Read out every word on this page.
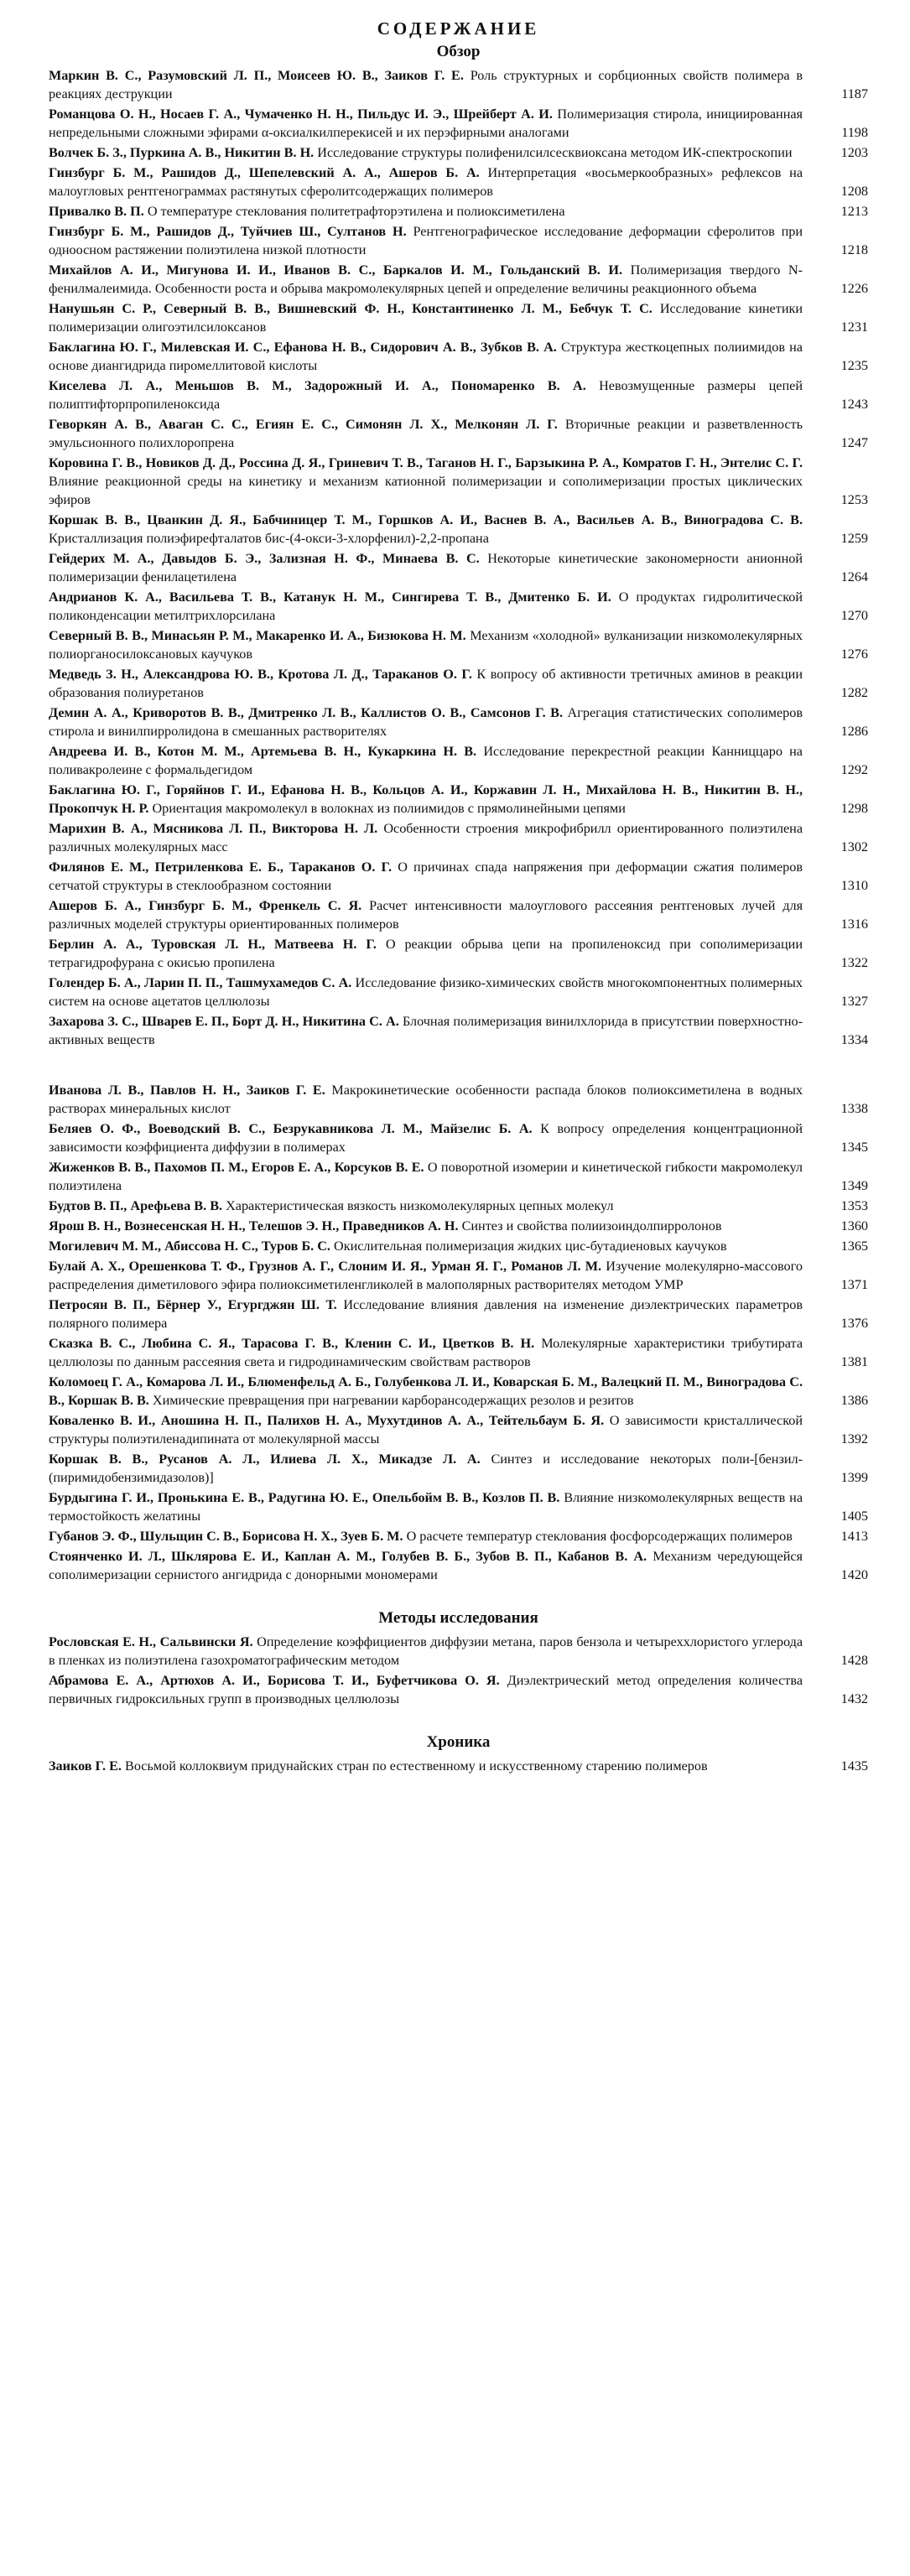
СОДЕРЖАНИЕ
Обзор
Маркин В. С., Разумовский Л. П., Моисеев Ю. В., Заиков Г. Е. Роль структурных и сорбционных свойств полимера в реакциях деструкции	1187
Романцова О. Н., Носаев Г. А., Чумаченко Н. Н., Пильдус И. Э., Шрейберт А. И. Полимеризация стирола, инициированная непредельными сложными эфирами α-оксиалкилперекисей и их перэфирными аналогами	1198
Волчек Б. З., Пуркина А. В., Никитин В. Н. Исследование структуры полифенилсилсесквиоксана методом ИК-спектроскопии	1203
Гинзбург Б. М., Рашидов Д., Шепелевский А. А., Ашеров Б. А. Интерпретация «восьмеркообразных» рефлексов на малоугловых рентгенограммах растянутых сферолитсодержащих полимеров	1208
Привалко В. П. О температуре стеклования политетрафторэтилена и полиоксиметилена	1213
Гинзбург Б. М., Рашидов Д., Туйчиев Ш., Султанов Н. Рентгенографическое исследование деформации сферолитов при одноосном растяжении полиэтилена низкой плотности	1218
Михайлов А. И., Мигунова И. И., Иванов В. С., Баркалов И. М., Гольданский В. И. Полимеризация твердого N-фенилмалеимида. Особенности роста и обрыва макромолекулярных цепей и определение величины реакционного объема	1226
Нанушьян С. Р., Северный В. В., Вишневский Ф. Н., Константиненко Л. М., Бебчук Т. С. Исследование кинетики полимеризации олигоэтилсилоксанов	1231
Баклагина Ю. Г., Милевская И. С., Ефанова Н. В., Сидорович А. В., Зубков В. А. Структура жесткоцепных полиимидов на основе диангидрида пиромеллитовой кислоты	1235
Киселева Л. А., Меньшов В. М., Задорожный И. А., Пономаренко В. А. Невозмущенные размеры цепей полиптифторпропиленоксида	1243
Геворкян А. В., Аваган С. С., Егиян Е. С., Симонян Л. Х., Мелконян Л. Г. Вторичные реакции и разветвленность эмульсионного полихлоропрена	1247
Коровина Г. В., Новиков Д. Д., Россина Д. Я., Гриневич Т. В., Таганов Н. Г., Барзыкина Р. А., Комратов Г. Н., Энтелис С. Г. Влияние реакционной среды на кинетику и механизм катионной полимеризации и сополимеризации простых циклических эфиров	1253
Коршак В. В., Цванкин Д. Я., Бабчиницер Т. М., Горшков А. И., Васнев В. А., Васильев А. В., Виноградова С. В. Кристаллизация полиэфирефталатов бис-(4-окси-3-хлорфенил)-2,2-пропана	1259
Гейдерих М. А., Давыдов Б. Э., Зализная Н. Ф., Минаева В. С. Некоторые кинетические закономерности анионной полимеризации фенилацетилена	1264
Андрианов К. А., Васильева Т. В., Катанук Н. М., Сингирева Т. В., Дмитенко Б. И. О продуктах гидролитической поликонденсации метилтрихлорсилана	1270
Северный В. В., Минасьян Р. М., Макаренко И. А., Бизюкова Н. М. Механизм «холодной» вулканизации низкомолекулярных полиорганосилоксановых каучуков	1276
Медведь З. Н., Александрова Ю. В., Кротова Л. Д., Тараканов О. Г. К вопросу об активности третичных аминов в реакции образования полиуретанов	1282
Демин А. А., Криворотов В. В., Дмитренко Л. В., Каллистов О. В., Самсонов Г. В. Агрегация статистических сополимеров стирола и винилпирролидона в смешанных растворителях	1286
Андреева И. В., Котон М. М., Артемьева В. Н., Кукаркина Н. В. Исследование перекрестной реакции Канниццаро на поливакролеине с формальдегидом	1292
Баклагина Ю. Г., Горяйнов Г. И., Ефанова Н. В., Кольцов А. И., Коржавин Л. Н., Михайлова Н. В., Никитин В. Н., Прокопчук Н. Р. Ориентация макромолекул в волокнах из полиимидов с прямолинейными цепями	1298
Марихин В. А., Мясникова Л. П., Викторова Н. Л. Особенности строения микрофибрилл ориентированного полиэтилена различных молекулярных масс	1302
Филянов Е. М., Петриленкова Е. Б., Тараканов О. Г. О причинах спада напряжения при деформации сжатия полимеров сетчатой структуры в стеклообразном состоянии	1310
Ашеров Б. А., Гинзбург Б. М., Френкель С. Я. Расчет интенсивности малоуглового рассеяния рентгеновых лучей для различных моделей структуры ориентированных полимеров	1316
Берлин А. А., Туровская Л. Н., Матвеева Н. Г. О реакции обрыва цепи на пропиленоксид при сополимеризации тетрагидрофурана с окисью пропилена	1322
Голендер Б. А., Ларин П. П., Ташмухамедов С. А. Исследование физико-химических свойств многокомпонентных полимерных систем на основе ацетатов целлюлозы	1327
Захарова З. С., Шварев Е. П., Борт Д. Н., Никитина С. А. Блочная полимеризация винилхлорида в присутствии поверхностно-активных веществ	1334
Иванова Л. В., Павлов Н. Н., Заиков Г. Е. Макрокинетические особенности распада блоков полиоксиметилена в водных растворах минеральных кислот	1338
Беляев О. Ф., Воеводский В. С., Безрукавникова Л. М., Майзелис Б. А. К вопросу определения концентрационной зависимости коэффициента диффузии в полимерах	1345
Жиженков В. В., Пахомов П. М., Егоров Е. А., Корсуков В. Е. О поворотной изомерии и кинетической гибкости макромолекул полиэтилена	1349
Будтов В. П., Арефьева В. В. Характеристическая вязкость низкомолекулярных цепных молекул	1353
Ярош В. Н., Вознесенская Н. Н., Телешов Э. Н., Праведников А. Н. Синтез и свойства полиизоиндолпирролонов	1360
Могилевич М. М., Абиссова Н. С., Туров Б. С. Окислительная полимеризация жидких цис-бутадиеновых каучуков	1365
Булай А. Х., Орешенкова Т. Ф., Грузнов А. Г., Слоним И. Я., Урман Я. Г., Романов Л. М. Изучение молекулярно-массового распределения диметилового эфира полиоксиметиленгликолей в малополярных растворителях методом УМР	1371
Петросян В. П., Бёрнер У., Егургджян Ш. Т. Исследование влияния давления на изменение диэлектрических параметров полярного полимера	1376
Сказка В. С., Любина С. Я., Тарасова Г. В., Кленин С. И., Цветков В. Н. Молекулярные характеристики трибутирата целлюлозы по данным рассеяния света и гидродинамическим свойствам растворов	1381
Коломоец Г. А., Комарова Л. И., Блюменфельд А. Б., Голубенкова Л. И., Коварская Б. М., Валецкий П. М., Виноградова С. В., Коршак В. В. Химические превращения при нагревании карборансодержащих резолов и резитов	1386
Коваленко В. И., Аношина Н. П., Палихов Н. А., Мухутдинов А. А., Тейтельбаум Б. Я. О зависимости кристаллической структуры полиэтиленадипината от молекулярной массы	1392
Коршак В. В., Русанов А. Л., Илиева Л. Х., Микадзе Л. А. Синтез и исследование некоторых поли-[бензил-(пиримидобензимидазолов)]	1399
Бурдыгина Г. И., Пронькина Е. В., Радугина Ю. Е., Опельбойм В. В., Козлов П. В. Влияние низкомолекулярных веществ на термостойкость желатины	1405
Губанов Э. Ф., Шульщин С. В., Борисова Н. Х., Зуев Б. М. О расчете температур стеклования фосфорсодержащих полимеров	1413
Стоянченко И. Л., Шклярова Е. И., Каплан А. М., Голубев В. Б., Зубов В. П., Кабанов В. А. Механизм чередующейся сополимеризации сернистого ангидрида с донорными мономерами	1420
Методы исследования
Рословская Е. Н., Сальвински Я. Определение коэффициентов диффузии метана, паров бензола и четыреххлористого углерода в пленках из полиэтилена газохроматографическим методом	1428
Абрамова Е. А., Артюхов А. И., Борисова Т. И., Буфетчикова О. Я. Диэлектрический метод определения количества первичных гидроксильных групп в производных целлюлозы	1432
Хроника
Заиков Г. Е. Восьмой коллоквиум придунайских стран по естественному и искусственному старению полимеров	1435
